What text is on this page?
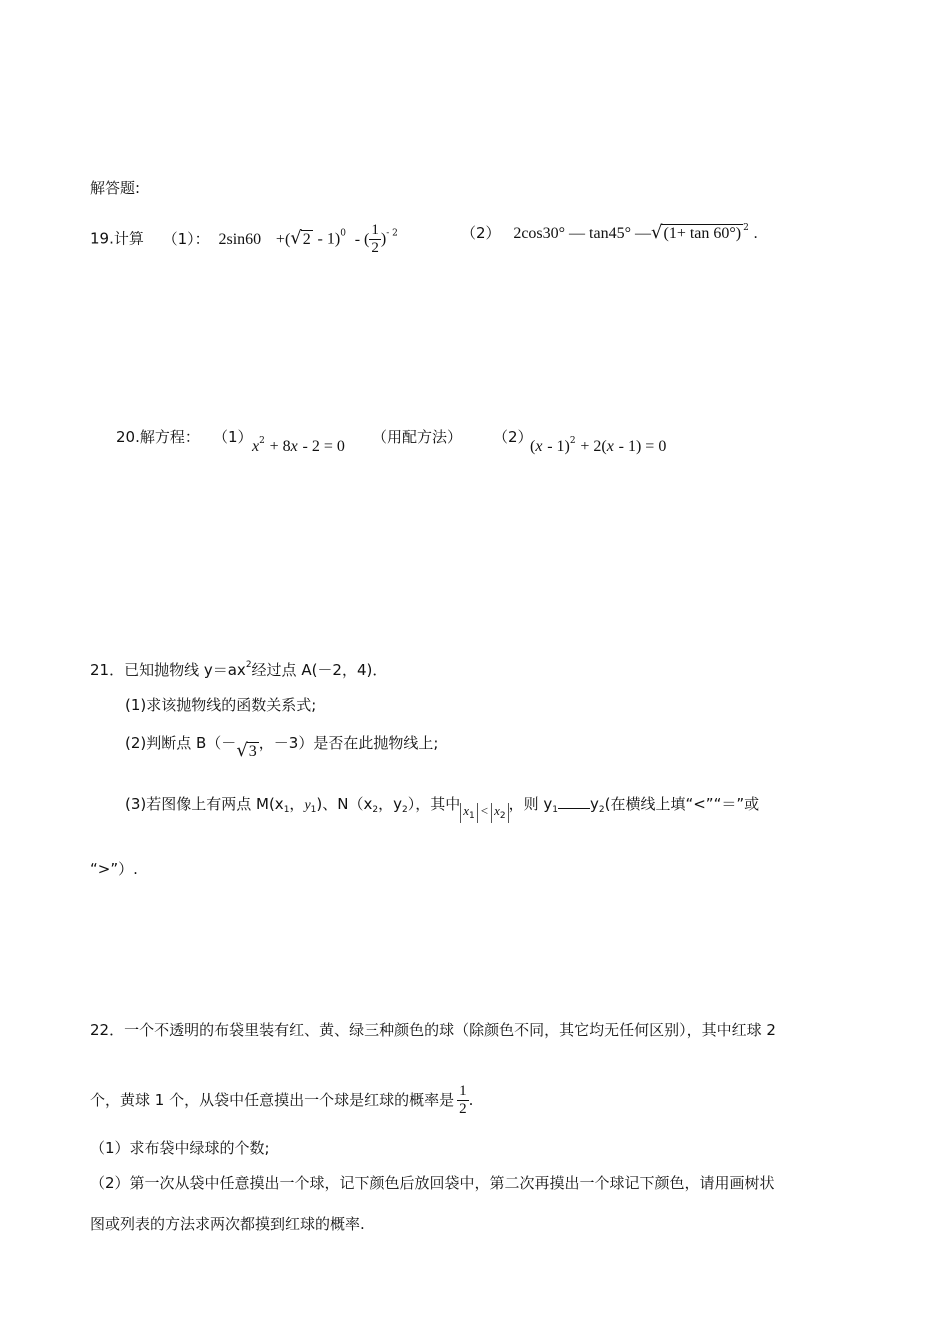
解答题:
19.计算 （1）： 2sin60 +(√2 - 1)$^0$ - ( $\frac{1}{2} )^{- 2}$	（2） 2cos30° — tan45° —√(1+ tan 60°) $^2$ .
20.解方程： （1）
$x^2 + 8x - 2 = 0$
（用配方法） （2）
(x - 1)$^2$ + 2(x - 1) = 0
21．已知抛物线 $y=ax^2$经过点 A(－2，4)．
(1)求该抛物线的函数关系式;
(2)判断点 B（－√3 ，－3）是否在此抛物线上;
(3)若图像上有两点 $M(x_1$，$y_1$)、$N(x_2$，$y_2$），其中 $x_1 < x_2$，则 $y_1$ $y_2$(在横线上填“<”“＝”或
“>”）.
22．一个不透明的布袋里装有红、黄、绿三种颜色的球（除颜色不同，其它均无任何区别），其中红球 2
个，黄球 1 个，从袋中任意摸出一个球是红球的概率是 $\frac{1}{2}$ .
（1）求布袋中绿球的个数;
（2）第一次从袋中任意摸出一个球，记下颜色后放回袋中，第二次再摸出一个球记下颜色，请用画树状
图或列表的方法求两次都摸到红球的概率.
